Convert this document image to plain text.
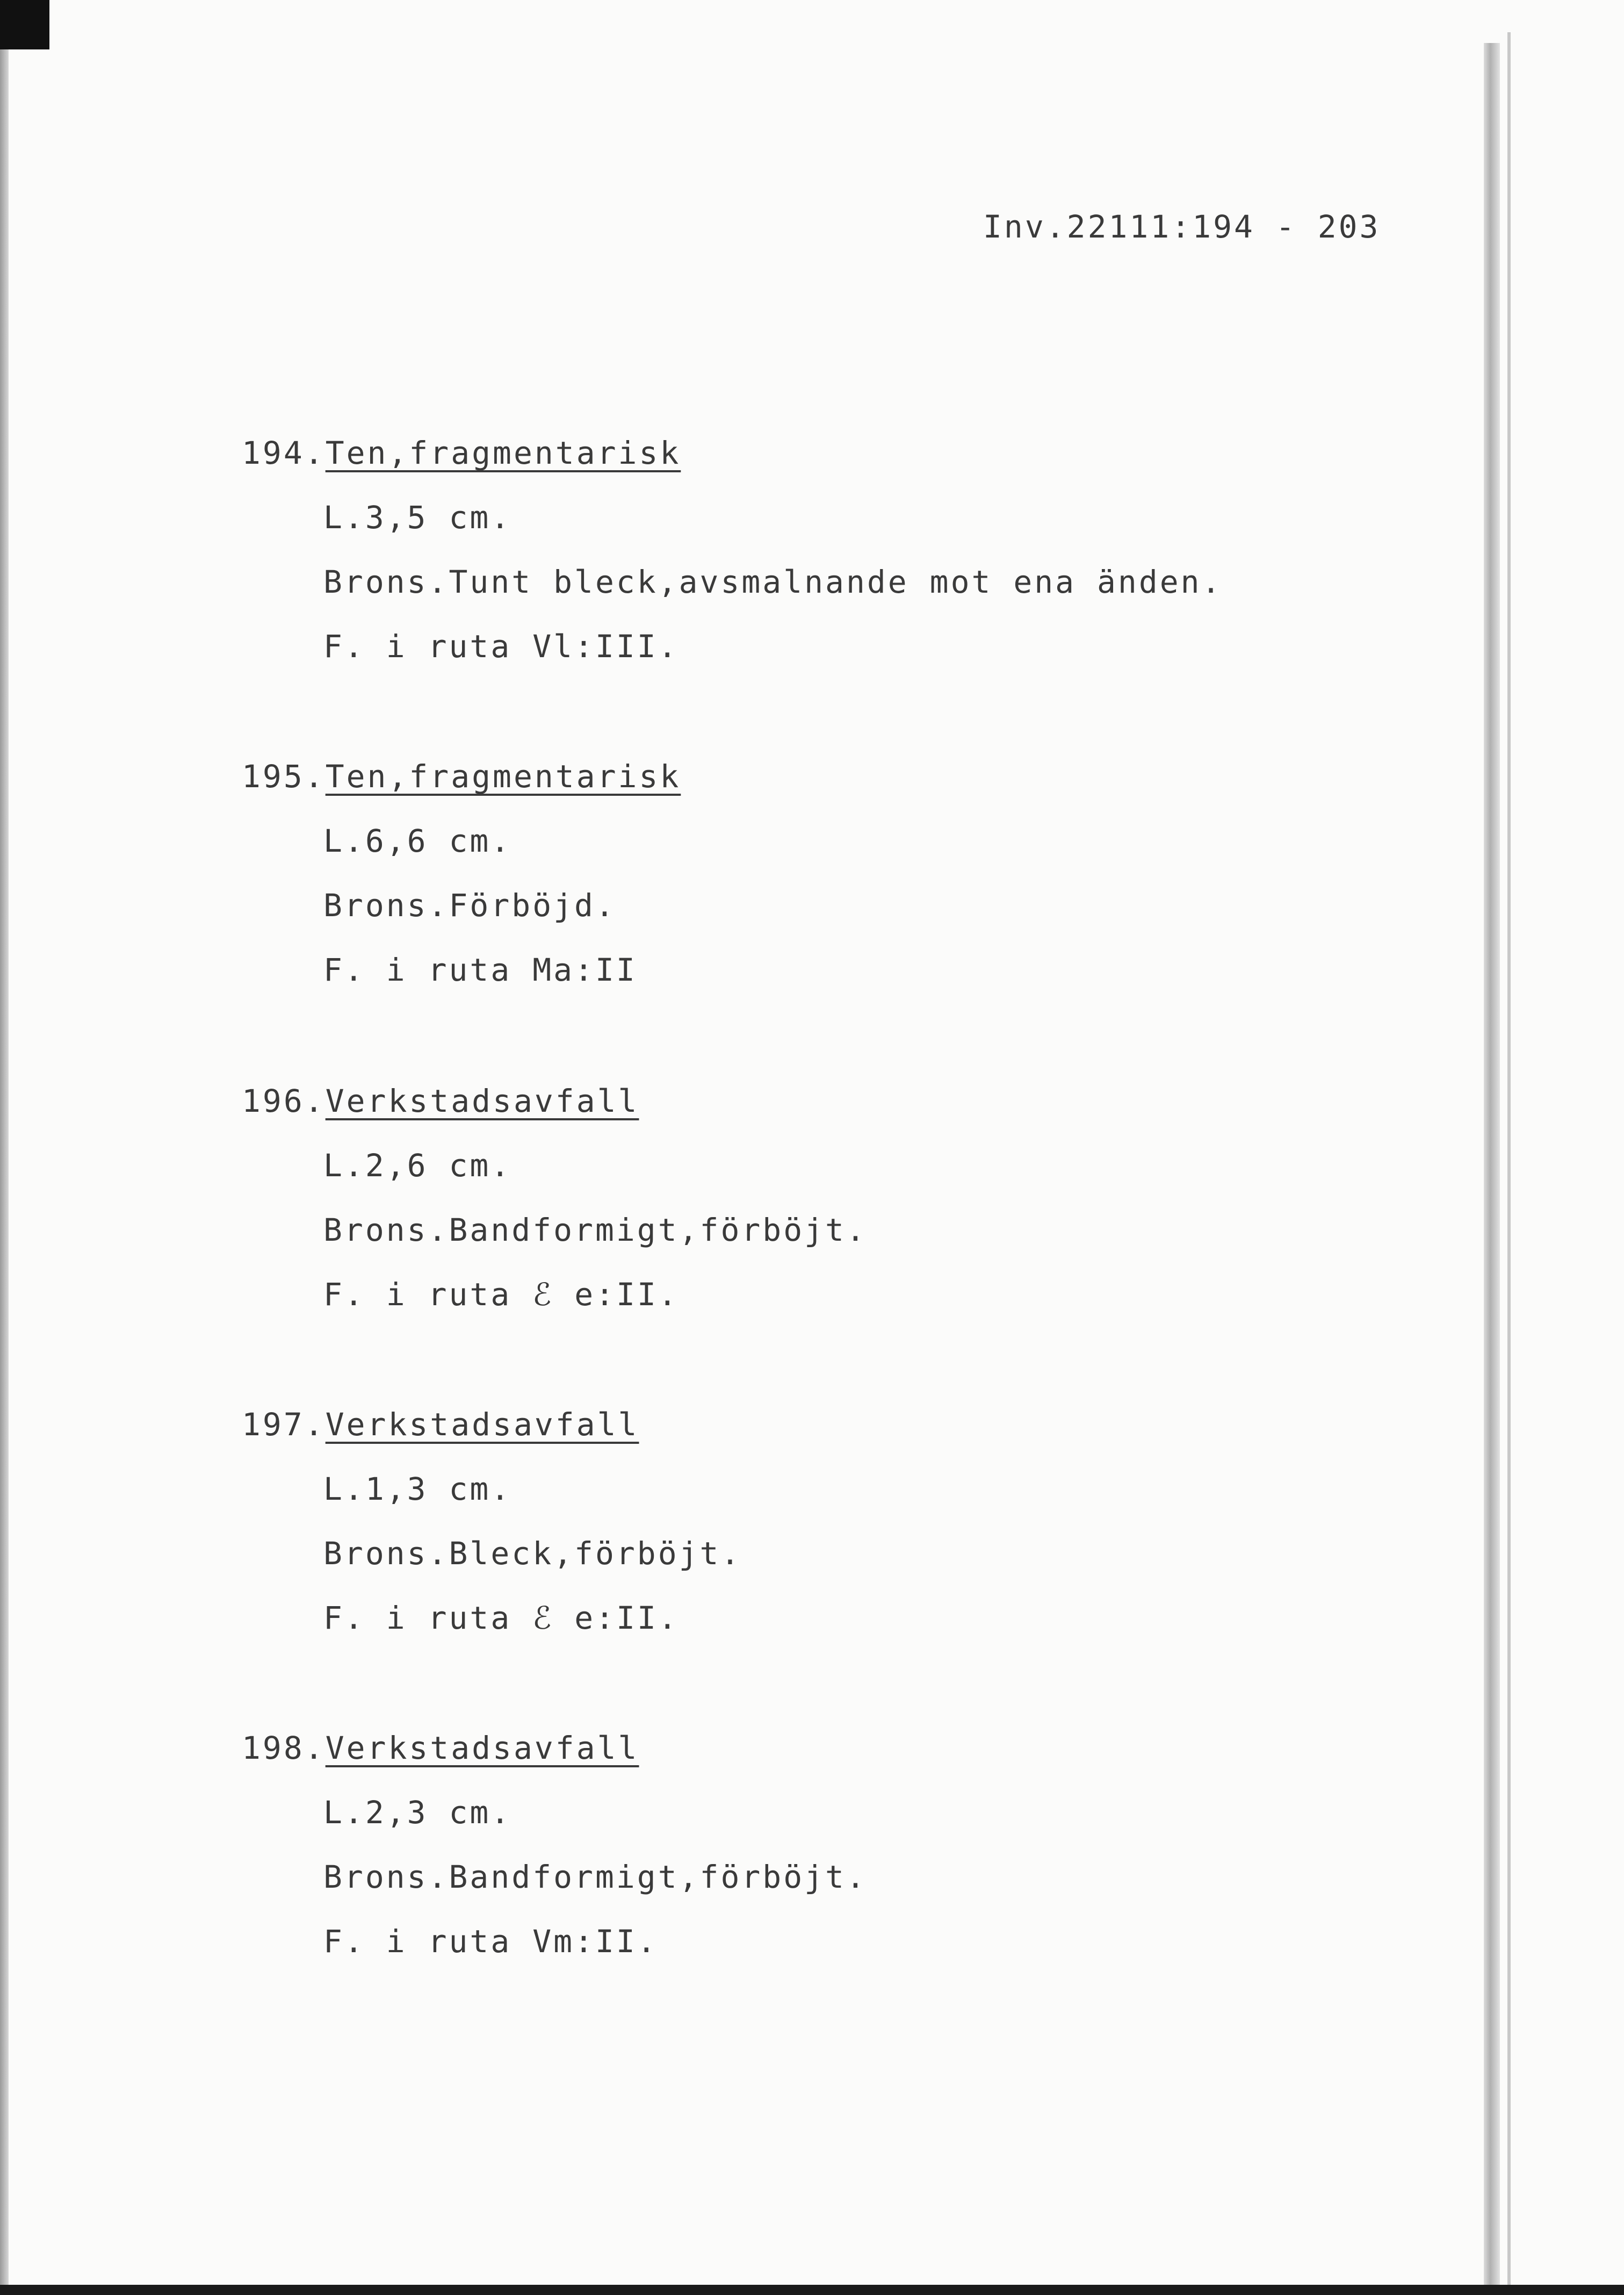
Inv.22111:194 - 203
194.Ten,fragmentarisk
L.3,5 cm.
Brons.Tunt bleck,avsmalnande mot ena änden.
F. i ruta Vl:III.
195.Ten,fragmentarisk
L.6,6 cm.
Brons.Förböjd.
F. i ruta Ma:II
196.Verkstadsavfall
L.2,6 cm.
Brons.Bandformigt,förböjt.
F. i ruta ℰ e:II.
197.Verkstadsavfall
L.1,3 cm.
Brons.Bleck,förböjt.
F. i ruta ℰ e:II.
198.Verkstadsavfall
L.2,3 cm.
Brons.Bandformigt,förböjt.
F. i ruta Vm:II.
